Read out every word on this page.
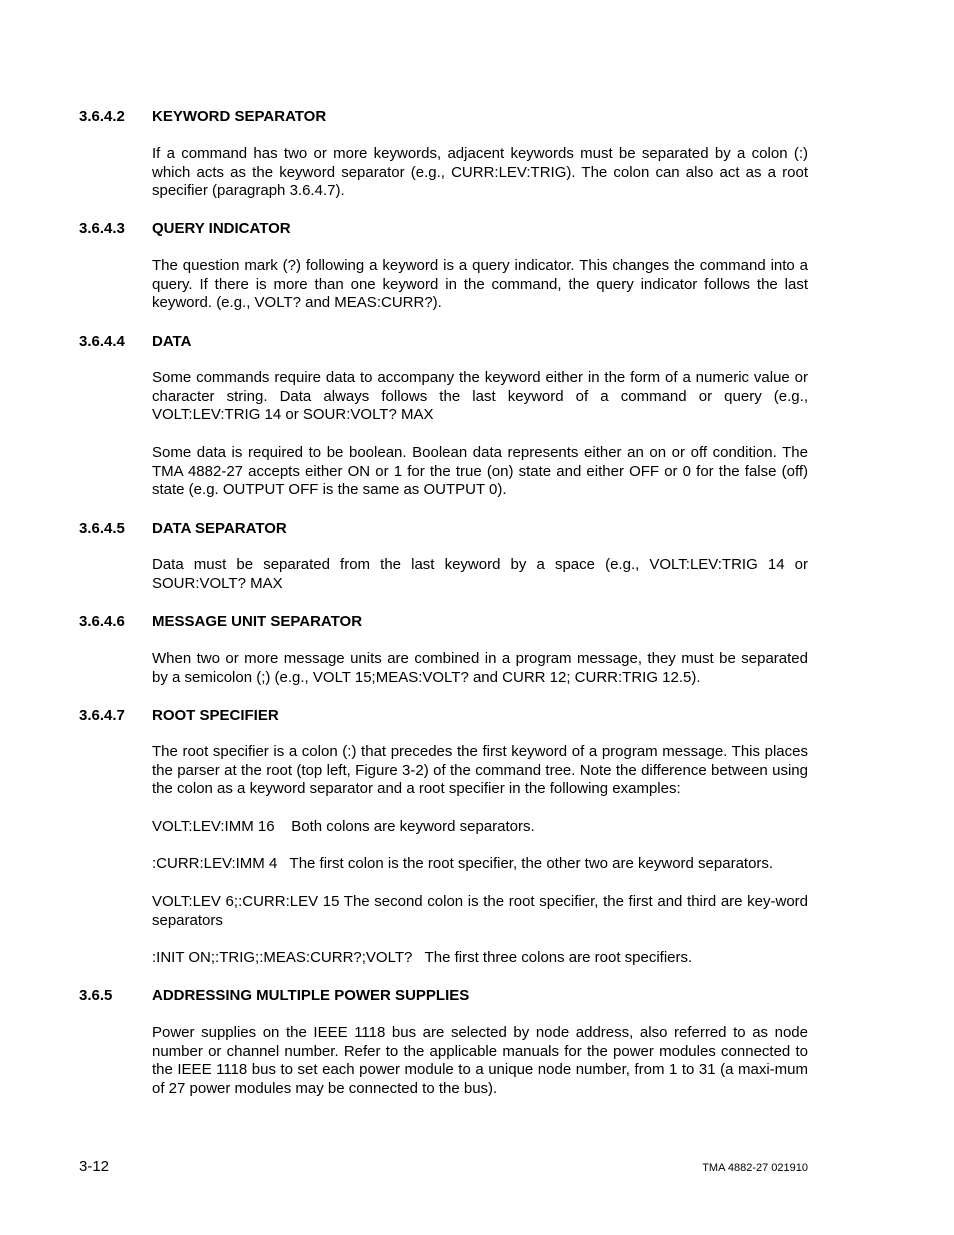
3.6.4.2 KEYWORD SEPARATOR
If a command has two or more keywords, adjacent keywords must be separated by a colon (:) which acts as the keyword separator (e.g., CURR:LEV:TRIG). The colon can also act as a root specifier (paragraph 3.6.4.7).
3.6.4.3 QUERY INDICATOR
The question mark (?) following a keyword is a query indicator. This changes the command into a query. If there is more than one keyword in the command, the query indicator follows the last keyword. (e.g., VOLT? and MEAS:CURR?).
3.6.4.4 DATA
Some commands require data to accompany the keyword either in the form of a numeric value or character string. Data always follows the last keyword of a command or query (e.g., VOLT:LEV:TRIG 14 or SOUR:VOLT? MAX
Some data is required to be boolean. Boolean data represents either an on or off condition. The TMA 4882-27 accepts either ON or 1 for the true (on) state and either OFF or 0 for the false (off) state (e.g. OUTPUT OFF is the same as OUTPUT 0).
3.6.4.5 DATA SEPARATOR
Data must be separated from the last keyword by a space (e.g., VOLT:LEV:TRIG 14 or SOUR:VOLT? MAX
3.6.4.6 MESSAGE UNIT SEPARATOR
When two or more message units are combined in a program message, they must be separated by a semicolon (;) (e.g., VOLT 15;MEAS:VOLT? and CURR 12; CURR:TRIG 12.5).
3.6.4.7 ROOT SPECIFIER
The root specifier is a colon (:) that precedes the first keyword of a program message. This places the parser at the root (top left, Figure 3-2) of the command tree. Note the difference between using the colon as a keyword separator and a root specifier in the following examples:
VOLT:LEV:IMM 16 Both colons are keyword separators.
:CURR:LEV:IMM 4 The first colon is the root specifier, the other two are keyword separators.
VOLT:LEV 6;:CURR:LEV 15 The second colon is the root specifier, the first and third are key-word separators
:INIT ON;:TRIG;:MEAS:CURR?;VOLT? The first three colons are root specifiers.
3.6.5	ADDRESSING MULTIPLE POWER SUPPLIES
Power supplies on the IEEE 1118 bus are selected by node address, also referred to as node number or channel number. Refer to the applicable manuals for the power modules connected to the IEEE 1118 bus to set each power module to a unique node number, from 1 to 31 (a maxi-mum of 27 power modules may be connected to the bus).
3-12	TMA 4882-27 021910
